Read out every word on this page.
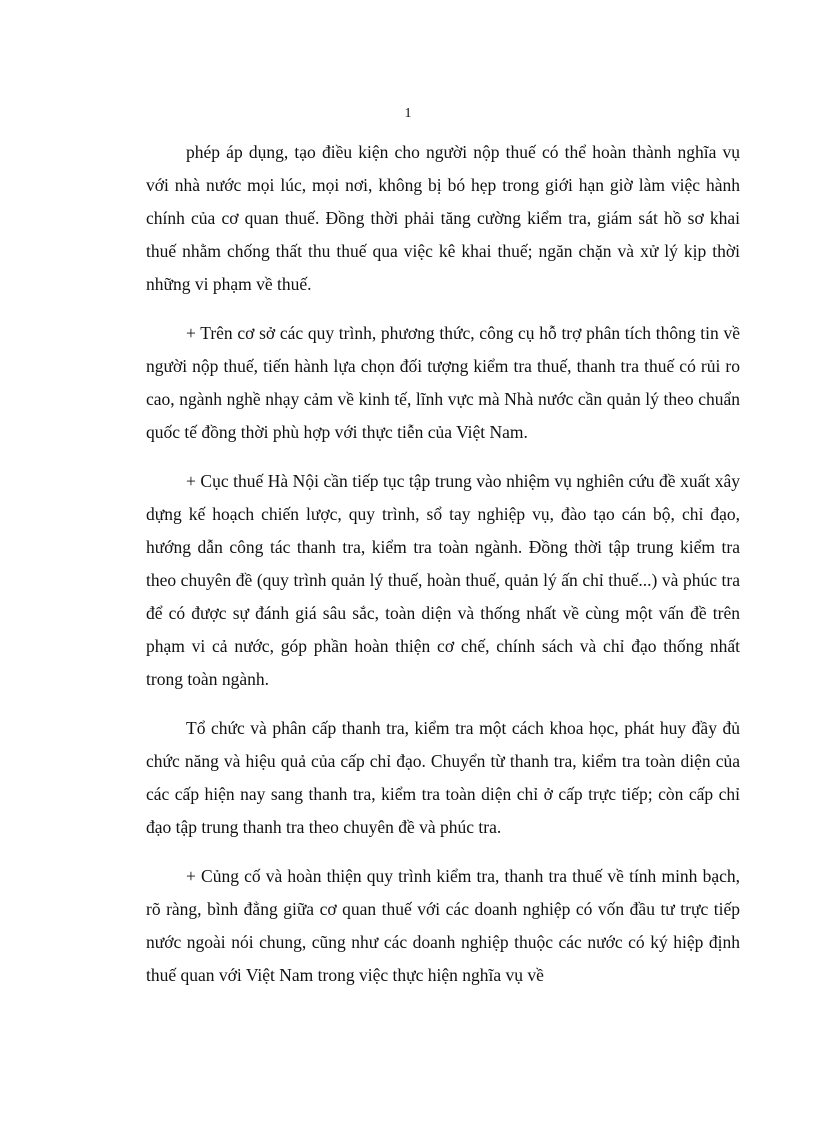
1

phép áp dụng, tạo điều kiện cho người nộp thuế có thể hoàn thành nghĩa vụ với nhà nước mọi lúc, mọi nơi, không bị bó hẹp trong giới hạn giờ làm việc hành chính của cơ quan thuế. Đồng thời phải tăng cường kiểm tra, giám sát hồ sơ khai thuế nhằm chống thất thu thuế qua việc kê khai thuế; ngăn chặn và xử lý kịp thời những vi phạm về thuế.

+ Trên cơ sở các quy trình, phương thức, công cụ hỗ trợ phân tích thông tin về người nộp thuế, tiến hành lựa chọn đối tượng kiểm tra thuế, thanh tra thuế có rủi ro cao, ngành nghề nhạy cảm về kinh tế, lĩnh vực mà Nhà nước cần quản lý theo chuẩn quốc tế đồng thời phù hợp với thực tiễn của Việt Nam.

+ Cục thuế Hà Nội cần tiếp tục tập trung vào nhiệm vụ nghiên cứu đề xuất xây dựng kế hoạch chiến lược, quy trình, sổ tay nghiệp vụ, đào tạo cán bộ, chỉ đạo, hướng dẫn công tác thanh tra, kiểm tra toàn ngành. Đồng thời tập trung kiểm tra theo chuyên đề (quy trình quản lý thuế, hoàn thuế, quản lý ấn chỉ thuế...) và phúc tra để có được sự đánh giá sâu sắc, toàn diện và thống nhất về cùng một vấn đề trên phạm vi cả nước, góp phần hoàn thiện cơ chế, chính sách và chỉ đạo thống nhất trong toàn ngành.

Tổ chức và phân cấp thanh tra, kiểm tra một cách khoa học, phát huy đầy đủ chức năng và hiệu quả của cấp chỉ đạo. Chuyển từ thanh tra, kiểm tra toàn diện của các cấp hiện nay sang thanh tra, kiểm tra toàn diện chỉ ở cấp trực tiếp; còn cấp chỉ đạo tập trung thanh tra theo chuyên đề và phúc tra.

+ Củng cố và hoàn thiện quy trình kiểm tra, thanh tra thuế về tính minh bạch, rõ ràng, bình đẳng giữa cơ quan thuế với các doanh nghiệp có vốn đầu tư trực tiếp nước ngoài nói chung, cũng như các doanh nghiệp thuộc các nước có ký hiệp định thuế quan với Việt Nam trong việc thực hiện nghĩa vụ về
